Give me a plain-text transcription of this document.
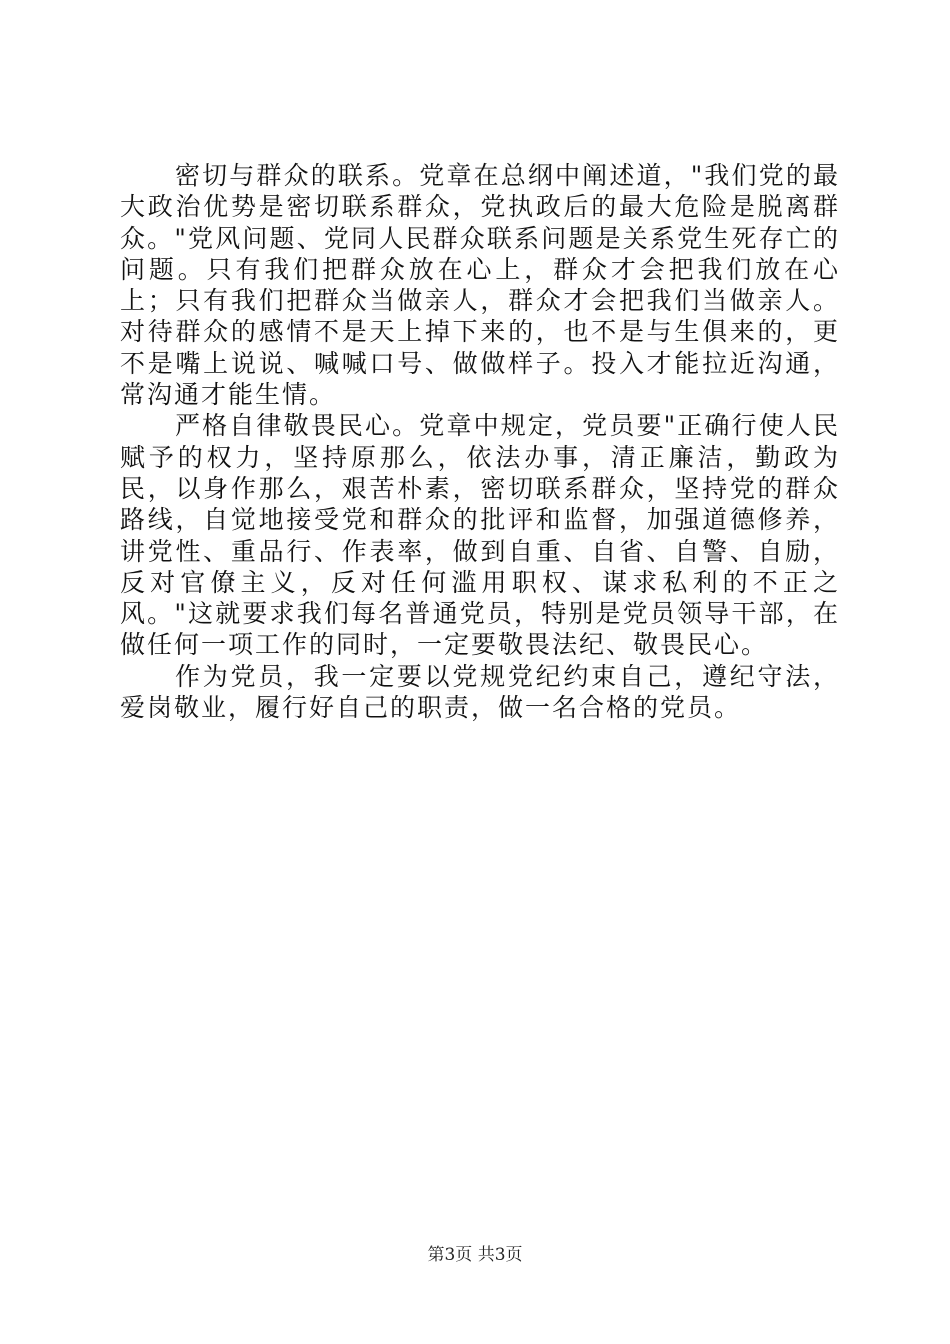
密切与群众的联系。党章在总纲中阐述道，"我们党的最大政治优势是密切联系群众，党执政后的最大危险是脱离群众。"党风问题、党同人民群众联系问题是关系党生死存亡的问题。只有我们把群众放在心上，群众才会把我们放在心上；只有我们把群众当做亲人，群众才会把我们当做亲人。对待群众的感情不是天上掉下来的，也不是与生俱来的，更不是嘴上说说、喊喊口号、做做样子。投入才能拉近沟通，常沟通才能生情。

严格自律敬畏民心。党章中规定，党员要"正确行使人民赋予的权力，坚持原那么，依法办事，清正廉洁，勤政为民，以身作那么，艰苦朴素，密切联系群众，坚持党的群众路线，自觉地接受党和群众的批评和监督，加强道德修养，讲党性、重品行、作表率，做到自重、自省、自警、自励，反对官僚主义，反对任何滥用职权、谋求私利的不正之风。"这就要求我们每名普通党员，特别是党员领导干部，在做任何一项工作的同时，一定要敬畏法纪、敬畏民心。

作为党员，我一定要以党规党纪约束自己，遵纪守法，爱岗敬业，履行好自己的职责，做一名合格的党员。

第3页 共3页
